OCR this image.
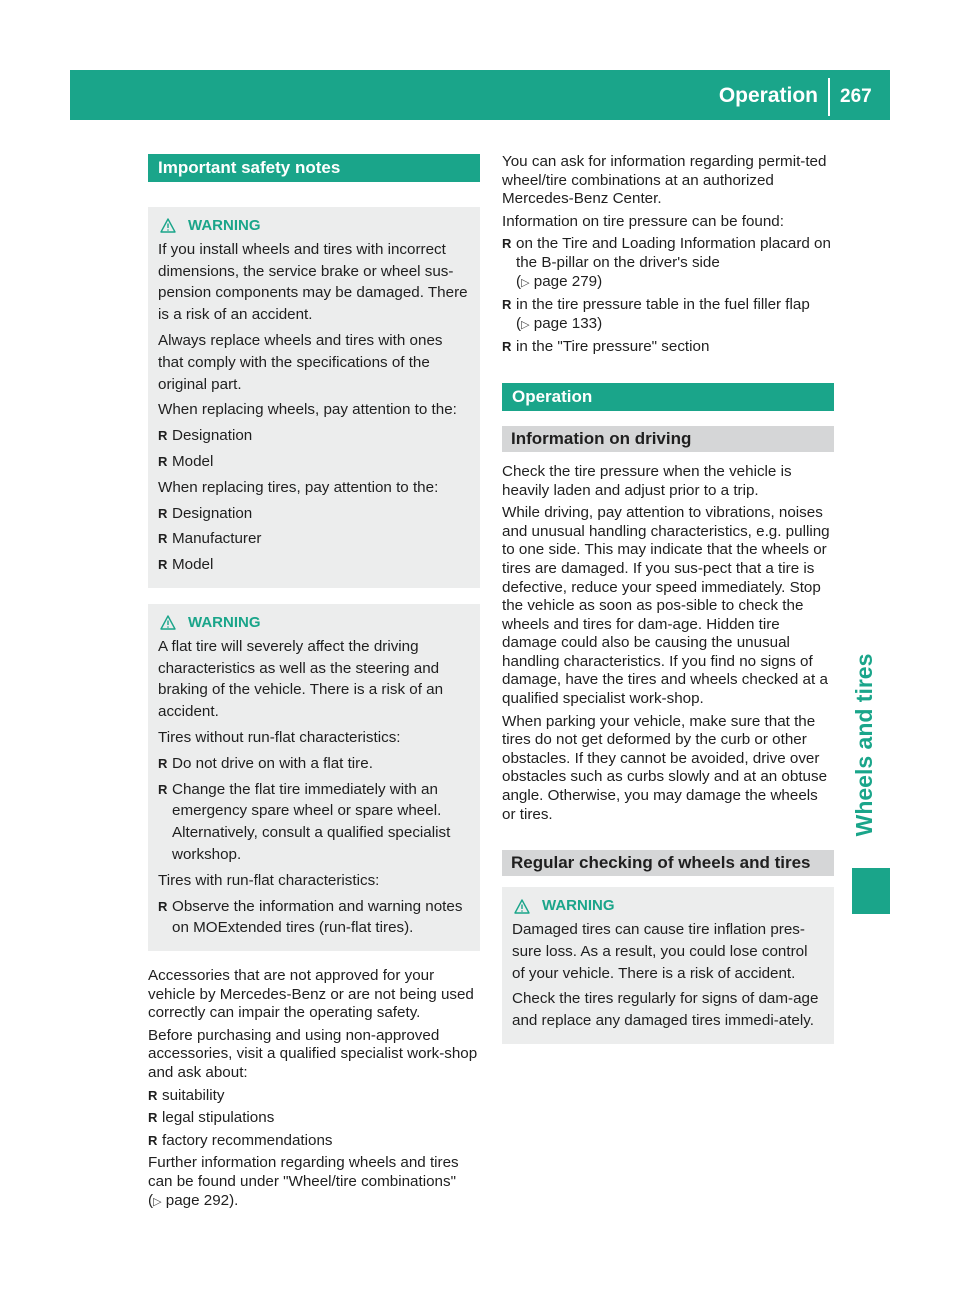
Operation 267
Wheels and tires
Important safety notes
WARNING

If you install wheels and tires with incorrect dimensions, the service brake or wheel sus-pension components may be damaged. There is a risk of an accident.

Always replace wheels and tires with ones that comply with the specifications of the original part.

When replacing wheels, pay attention to the:

R Designation
R Model

When replacing tires, pay attention to the:

R Designation
R Manufacturer
R Model
WARNING

A flat tire will severely affect the driving characteristics as well as the steering and braking of the vehicle. There is a risk of an accident.

Tires without run-flat characteristics:

R Do not drive on with a flat tire.
R Change the flat tire immediately with an emergency spare wheel or spare wheel. Alternatively, consult a qualified specialist workshop.

Tires with run-flat characteristics:

R Observe the information and warning notes on MOExtended tires (run-flat tires).

Accessories that are not approved for your vehicle by Mercedes-Benz or are not being used correctly can impair the operating safety.

Before purchasing and using non-approved accessories, visit a qualified specialist work-shop and ask about:

R suitability
R legal stipulations
R factory recommendations

Further information regarding wheels and tires can be found under "Wheel/tire combinations"
(▷ page 292).

You can ask for information regarding permit-ted wheel/tire combinations at an authorized Mercedes-Benz Center.

Information on tire pressure can be found:

R on the Tire and Loading Information placard on the B-pillar on the driver's side
(▷ page 279)
R in the tire pressure table in the fuel filler flap
(▷ page 133)
R in the "Tire pressure" section
Operation
Information on driving

Check the tire pressure when the vehicle is heavily laden and adjust prior to a trip.

While driving, pay attention to vibrations, noises and unusual handling characteristics, e.g. pulling to one side. This may indicate that the wheels or tires are damaged. If you sus-pect that a tire is defective, reduce your speed immediately. Stop the vehicle as soon as pos-sible to check the wheels and tires for dam-age. Hidden tire damage could also be causing the unusual handling characteristics. If you find no signs of damage, have the tires and wheels checked at a qualified specialist work-shop.

When parking your vehicle, make sure that the tires do not get deformed by the curb or other obstacles. If they cannot be avoided, drive over obstacles such as curbs slowly and at an obtuse angle. Otherwise, you may damage the wheels or tires.

Regular checking of wheels and tires
WARNING

Damaged tires can cause tire inflation pres-sure loss. As a result, you could lose control of your vehicle. There is a risk of accident.

Check the tires regularly for signs of dam-age and replace any damaged tires immedi-ately.
